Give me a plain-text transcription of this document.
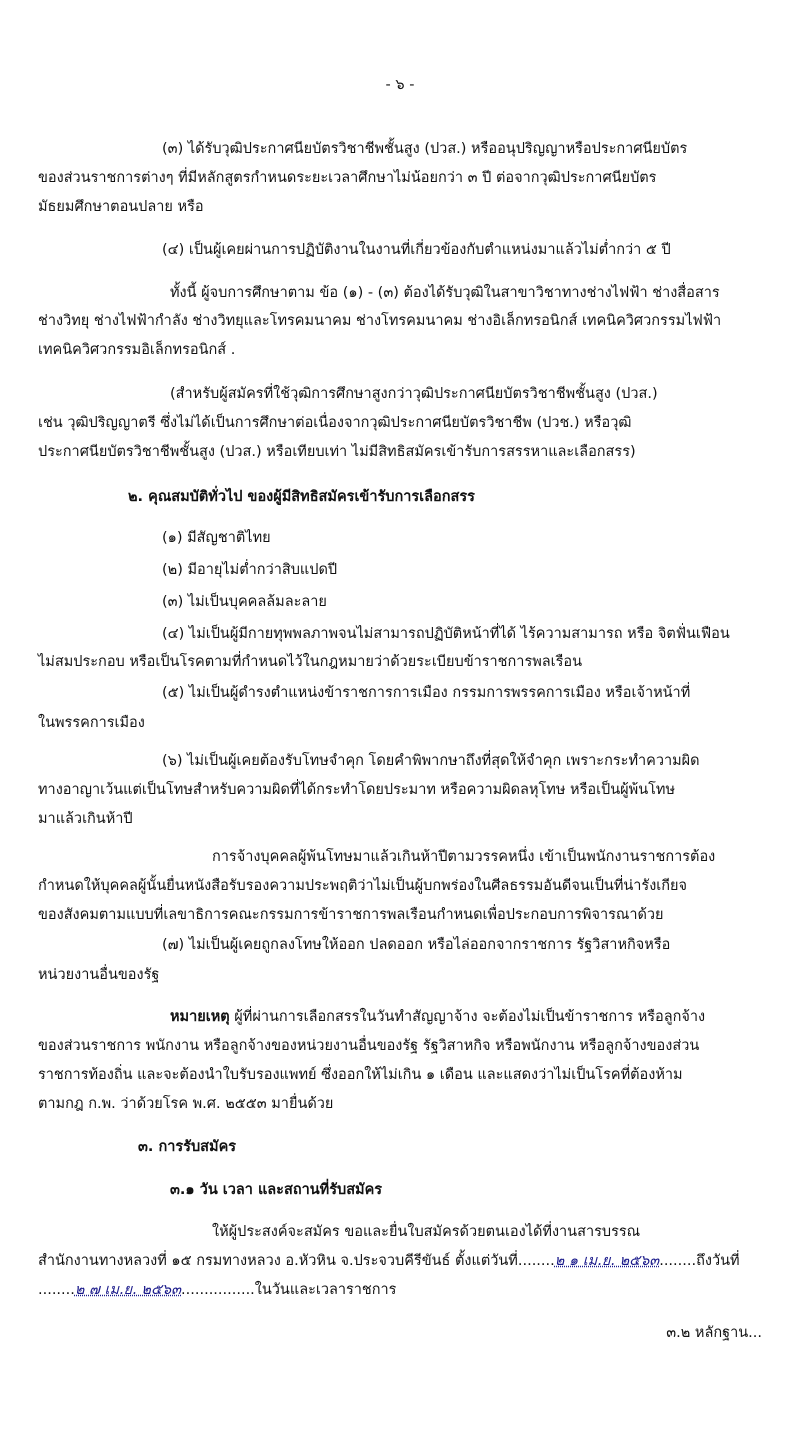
- ๖ -
(๓) ได้รับวุฒิประกาศนียบัตรวิชาชีพชั้นสูง (ปวส.) หรืออนุปริญญาหรือประกาศนียบัตร
ของส่วนราชการต่างๆ ที่มีหลักสูตรกำหนดระยะเวลาศึกษาไม่น้อยกว่า ๓ ปี ต่อจากวุฒิประกาศนียบัตร
มัธยมศึกษาตอนปลาย หรือ
(๔) เป็นผู้เคยผ่านการปฏิบัติงานในงานที่เกี่ยวข้องกับตำแหน่งมาแล้วไม่ต่ำกว่า ๕ ปี
ทั้งนี้ ผู้จบการศึกษาตาม ข้อ (๑) - (๓) ต้องได้รับวุฒิในสาขาวิชาทางช่างไฟฟ้า ช่างสื่อสาร
ช่างวิทยุ ช่างไฟฟ้ากำลัง ช่างวิทยุและโทรคมนาคม ช่างโทรคมนาคม ช่างอิเล็กทรอนิกส์ เทคนิควิศวกรรมไฟฟ้า
เทคนิควิศวกรรมอิเล็กทรอนิกส์ .
(สำหรับผู้สมัครที่ใช้วุฒิการศึกษาสูงกว่าวุฒิประกาศนียบัตรวิชาชีพชั้นสูง (ปวส.)
เช่น วุฒิปริญญาตรี ซึ่งไม่ได้เป็นการศึกษาต่อเนื่องจากวุฒิประกาศนียบัตรวิชาชีพ (ปวช.) หรือวุฒิ
ประกาศนียบัตรวิชาชีพชั้นสูง (ปวส.) หรือเทียบเท่า ไม่มีสิทธิสมัครเข้ารับการสรรหาและเลือกสรร)
๒. คุณสมบัติทั่วไป ของผู้มีสิทธิสมัครเข้ารับการเลือกสรร
(๑) มีสัญชาติไทย
(๒) มีอายุไม่ต่ำกว่าสิบแปดปี
(๓) ไม่เป็นบุคคลล้มละลาย
(๔) ไม่เป็นผู้มีกายทุพพลภาพจนไม่สามารถปฏิบัติหน้าที่ได้ ไร้ความสามารถ หรือ จิตฟั่นเฟือน
ไม่สมประกอบ หรือเป็นโรคตามที่กำหนดไว้ในกฎหมายว่าด้วยระเบียบข้าราชการพลเรือน
(๕) ไม่เป็นผู้ดำรงตำแหน่งข้าราชการการเมือง กรรมการพรรคการเมือง หรือเจ้าหน้าที่
ในพรรคการเมือง
(๖) ไม่เป็นผู้เคยต้องรับโทษจำคุก โดยคำพิพากษาถึงที่สุดให้จำคุก เพราะกระทำความผิด
ทางอาญาเว้นแต่เป็นโทษสำหรับความผิดที่ได้กระทำโดยประมาท หรือความผิดลหุโทษ หรือเป็นผู้พ้นโทษ
มาแล้วเกินห้าปี
การจ้างบุคคลผู้พ้นโทษมาแล้วเกินห้าปีตามวรรคหนึ่ง เข้าเป็นพนักงานราชการต้อง
กำหนดให้บุคคลผู้นั้นยื่นหนังสือรับรองความประพฤติว่าไม่เป็นผู้บกพร่องในศีลธรรมอันดีจนเป็นที่น่ารังเกียจ
ของสังคมตามแบบที่เลขาธิการคณะกรรมการข้าราชการพลเรือนกำหนดเพื่อประกอบการพิจารณาด้วย
(๗) ไม่เป็นผู้เคยถูกลงโทษให้ออก ปลดออก หรือไล่ออกจากราชการ รัฐวิสาหกิจหรือ
หน่วยงานอื่นของรัฐ
หมายเหตุ ผู้ที่ผ่านการเลือกสรรในวันทำสัญญาจ้าง จะต้องไม่เป็นข้าราชการ หรือลูกจ้าง
ของส่วนราชการ พนักงาน หรือลูกจ้างของหน่วยงานอื่นของรัฐ รัฐวิสาหกิจ หรือพนักงาน หรือลูกจ้างของส่วน
ราชการท้องถิ่น และจะต้องนำใบรับรองแพทย์ ซึ่งออกให้ไม่เกิน ๑ เดือน และแสดงว่าไม่เป็นโรคที่ต้องห้าม
ตามกฎ ก.พ. ว่าด้วยโรค พ.ศ. ๒๕๕๓ มายื่นด้วย
๓. การรับสมัคร
๓.๑ วัน เวลา และสถานที่รับสมัคร
ให้ผู้ประสงค์จะสมัคร ขอและยื่นใบสมัครด้วยตนเองได้ที่งานสารบรรณ
สำนักงานทางหลวงที่ ๑๕ กรมทางหลวง อ.หัวหิน จ.ประจวบคีรีขันธ์ ตั้งแต่วันที่........๒ ๑ เม.ย. ๒๕๖๓........ถึงวันที่
........๒ ๗ เม.ย. ๒๕๖๓................ในวันและเวลาราชการ
๓.๒ หลักฐาน...
